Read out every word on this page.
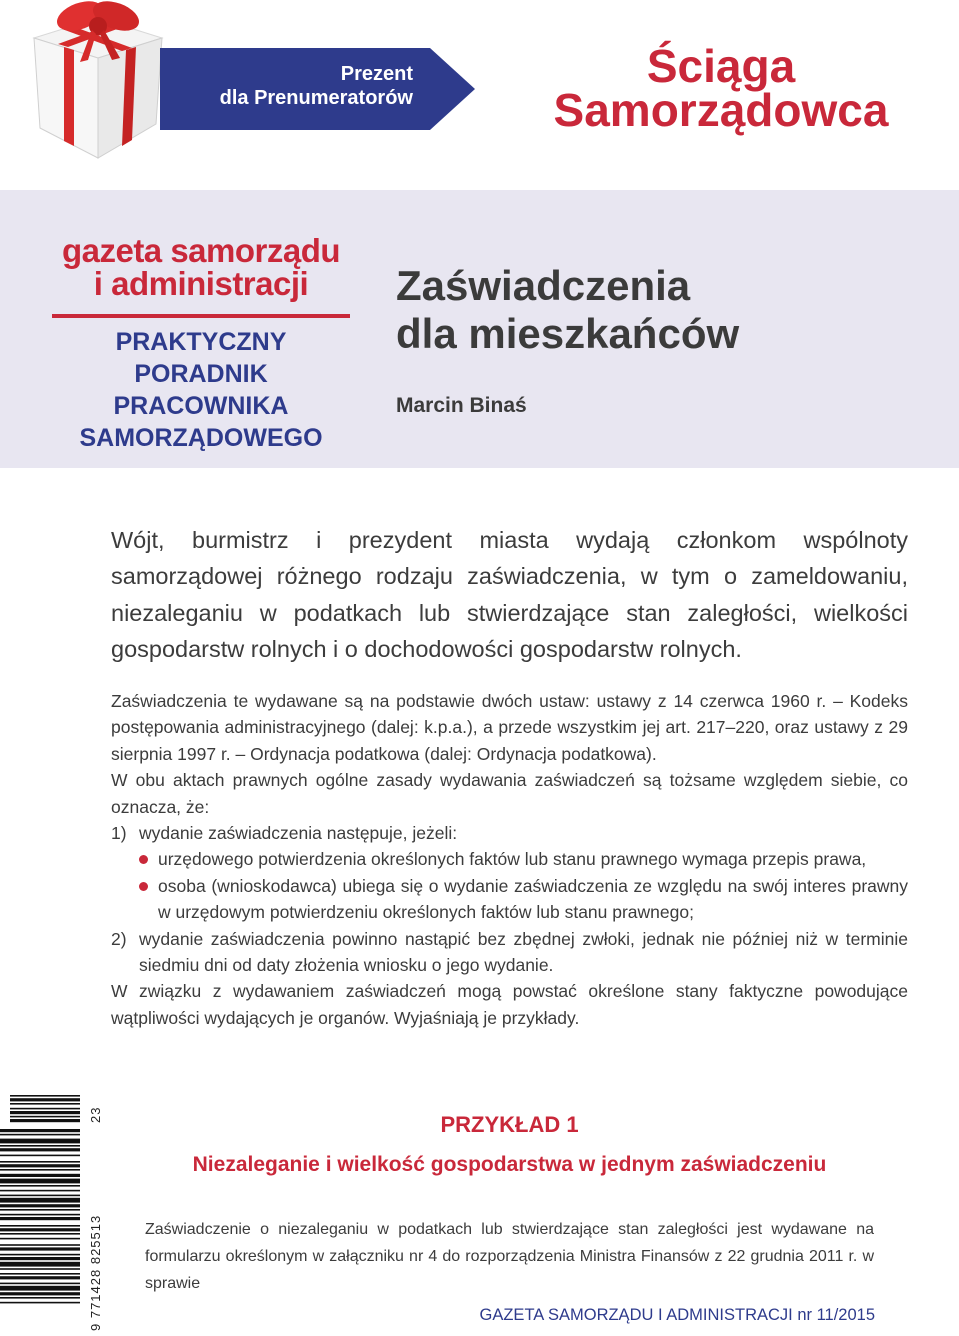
Prezent
dla Prenumeratorów
Ściąga
Samorządowca
gazeta samorządu
i administracji
PRAKTYCZNY PORADNIK
PRACOWNIKA
SAMORZĄDOWEGO
Zaświadczenia
dla mieszkańców
Marcin Binaś
Wójt, burmistrz i prezydent miasta wydają członkom wspólnoty samorządowej różnego rodzaju zaświadczenia, w tym o zameldowaniu, niezaleganiu w podatkach lub stwierdzające stan zaległości, wielkości gospodarstw rolnych i o dochodowości gospodarstw rolnych.

Zaświadczenia te wydawane są na podstawie dwóch ustaw: ustawy z 14 czerwca 1960 r. – Kodeks postępowania administracyjnego (dalej: k.p.a.), a przede wszystkim jej art. 217–220, oraz ustawy z 29 sierpnia 1997 r. – Ordynacja podatkowa (dalej: Ordynacja podatkowa).

W obu aktach prawnych ogólne zasady wydawania zaświadczeń są tożsame względem siebie, co oznacza, że:

1) wydanie zaświadczenia następuje, jeżeli:
urzędowego potwierdzenia określonych faktów lub stanu prawnego wymaga przepis prawa,
osoba (wnioskodawca) ubiega się o wydanie zaświadczenia ze względu na swój interes prawny w urzędowym potwierdzeniu określonych faktów lub stanu prawnego;
2) wydanie zaświadczenia powinno nastąpić bez zbędnej zwłoki, jednak nie później niż w terminie siedmiu dni od daty złożenia wniosku o jego wydanie.

W związku z wydawaniem zaświadczeń mogą powstać określone stany faktyczne powodujące wątpliwości wydających je organów. Wyjaśniają je przykłady.

PRZYKŁAD 1
Niezaleganie i wielkość gospodarstwa w jednym zaświadczeniu
Zaświadczenie o niezaleganiu w podatkach lub stwierdzające stan zaległości jest wydawane na formularzu określonym w załączniku nr 4 do rozporządzenia Ministra Finansów z 22 grudnia 2011 r. w sprawie
GAZETA SAMORZĄDU I ADMINISTRACJI nr 11/2015
9 771428 825513
23
